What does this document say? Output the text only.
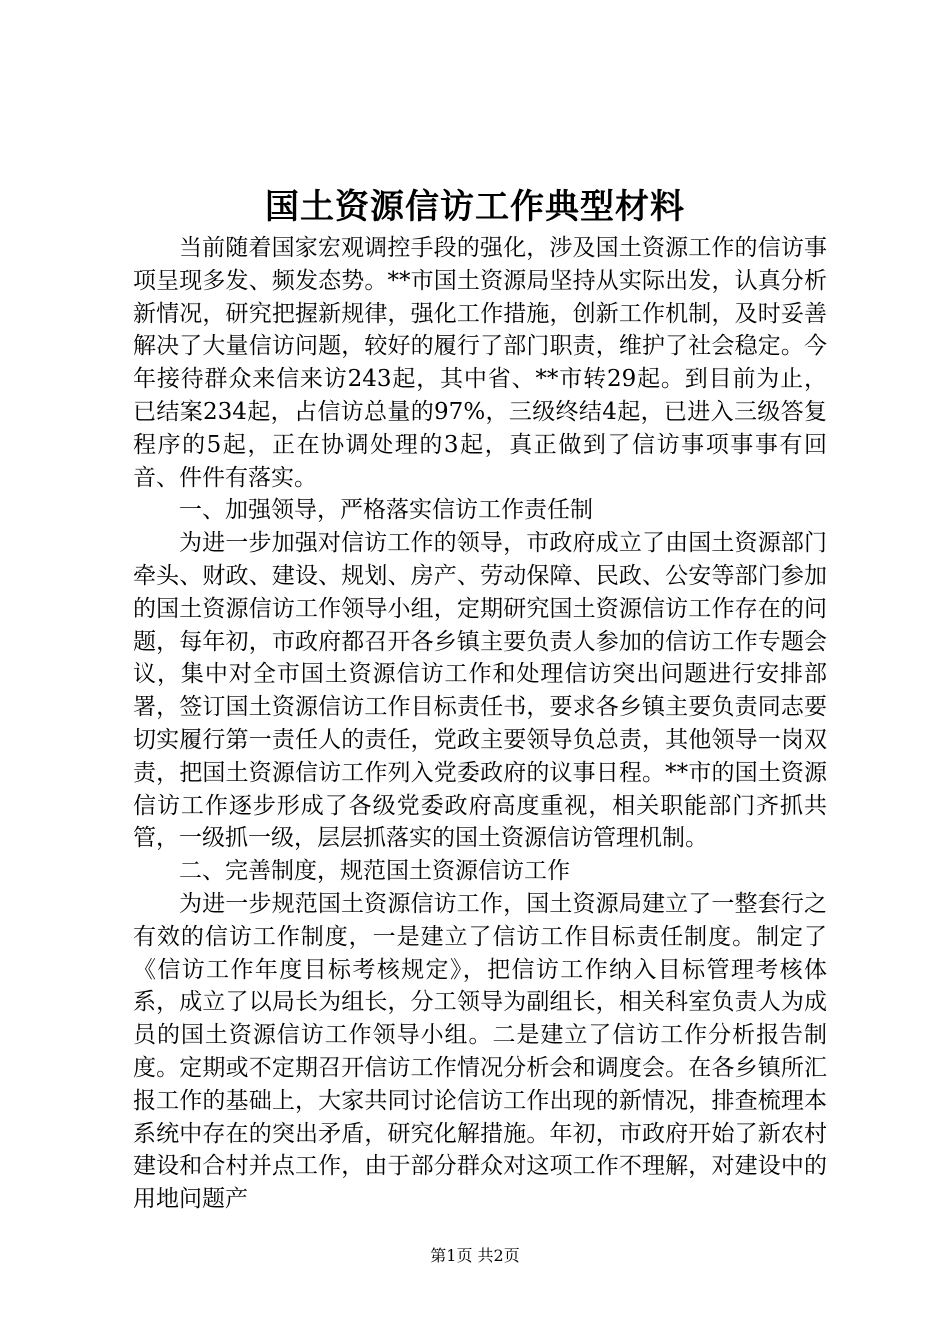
国土资源信访工作典型材料

当前随着国家宏观调控手段的强化，涉及国土资源工作的信访事项呈现多发、频发态势。**市国土资源局坚持从实际出发，认真分析新情况，研究把握新规律，强化工作措施，创新工作机制，及时妥善解决了大量信访问题，较好的履行了部门职责，维护了社会稳定。今年接待群众来信来访243起，其中省、**市转29起。到目前为止，已结案234起，占信访总量的97%，三级终结4起，已进入三级答复程序的5起，正在协调处理的3起，真正做到了信访事项事事有回音、件件有落实。

一、加强领导，严格落实信访工作责任制

为进一步加强对信访工作的领导，市政府成立了由国土资源部门牵头、财政、建设、规划、房产、劳动保障、民政、公安等部门参加的国土资源信访工作领导小组，定期研究国土资源信访工作存在的问题，每年初，市政府都召开各乡镇主要负责人参加的信访工作专题会议，集中对全市国土资源信访工作和处理信访突出问题进行安排部署，签订国土资源信访工作目标责任书，要求各乡镇主要负责同志要切实履行第一责任人的责任，党政主要领导负总责，其他领导一岗双责，把国土资源信访工作列入党委政府的议事日程。**市的国土资源信访工作逐步形成了各级党委政府高度重视，相关职能部门齐抓共管，一级抓一级，层层抓落实的国土资源信访管理机制。

二、完善制度，规范国土资源信访工作

为进一步规范国土资源信访工作，国土资源局建立了一整套行之有效的信访工作制度，一是建立了信访工作目标责任制度。制定了《信访工作年度目标考核规定》，把信访工作纳入目标管理考核体系，成立了以局长为组长，分工领导为副组长，相关科室负责人为成员的国土资源信访工作领导小组。二是建立了信访工作分析报告制度。定期或不定期召开信访工作情况分析会和调度会。在各乡镇所汇报工作的基础上，大家共同讨论信访工作出现的新情况，排查梳理本系统中存在的突出矛盾，研究化解措施。年初，市政府开始了新农村建设和合村并点工作，由于部分群众对这项工作不理解，对建设中的用地问题产

第1页 共2页
